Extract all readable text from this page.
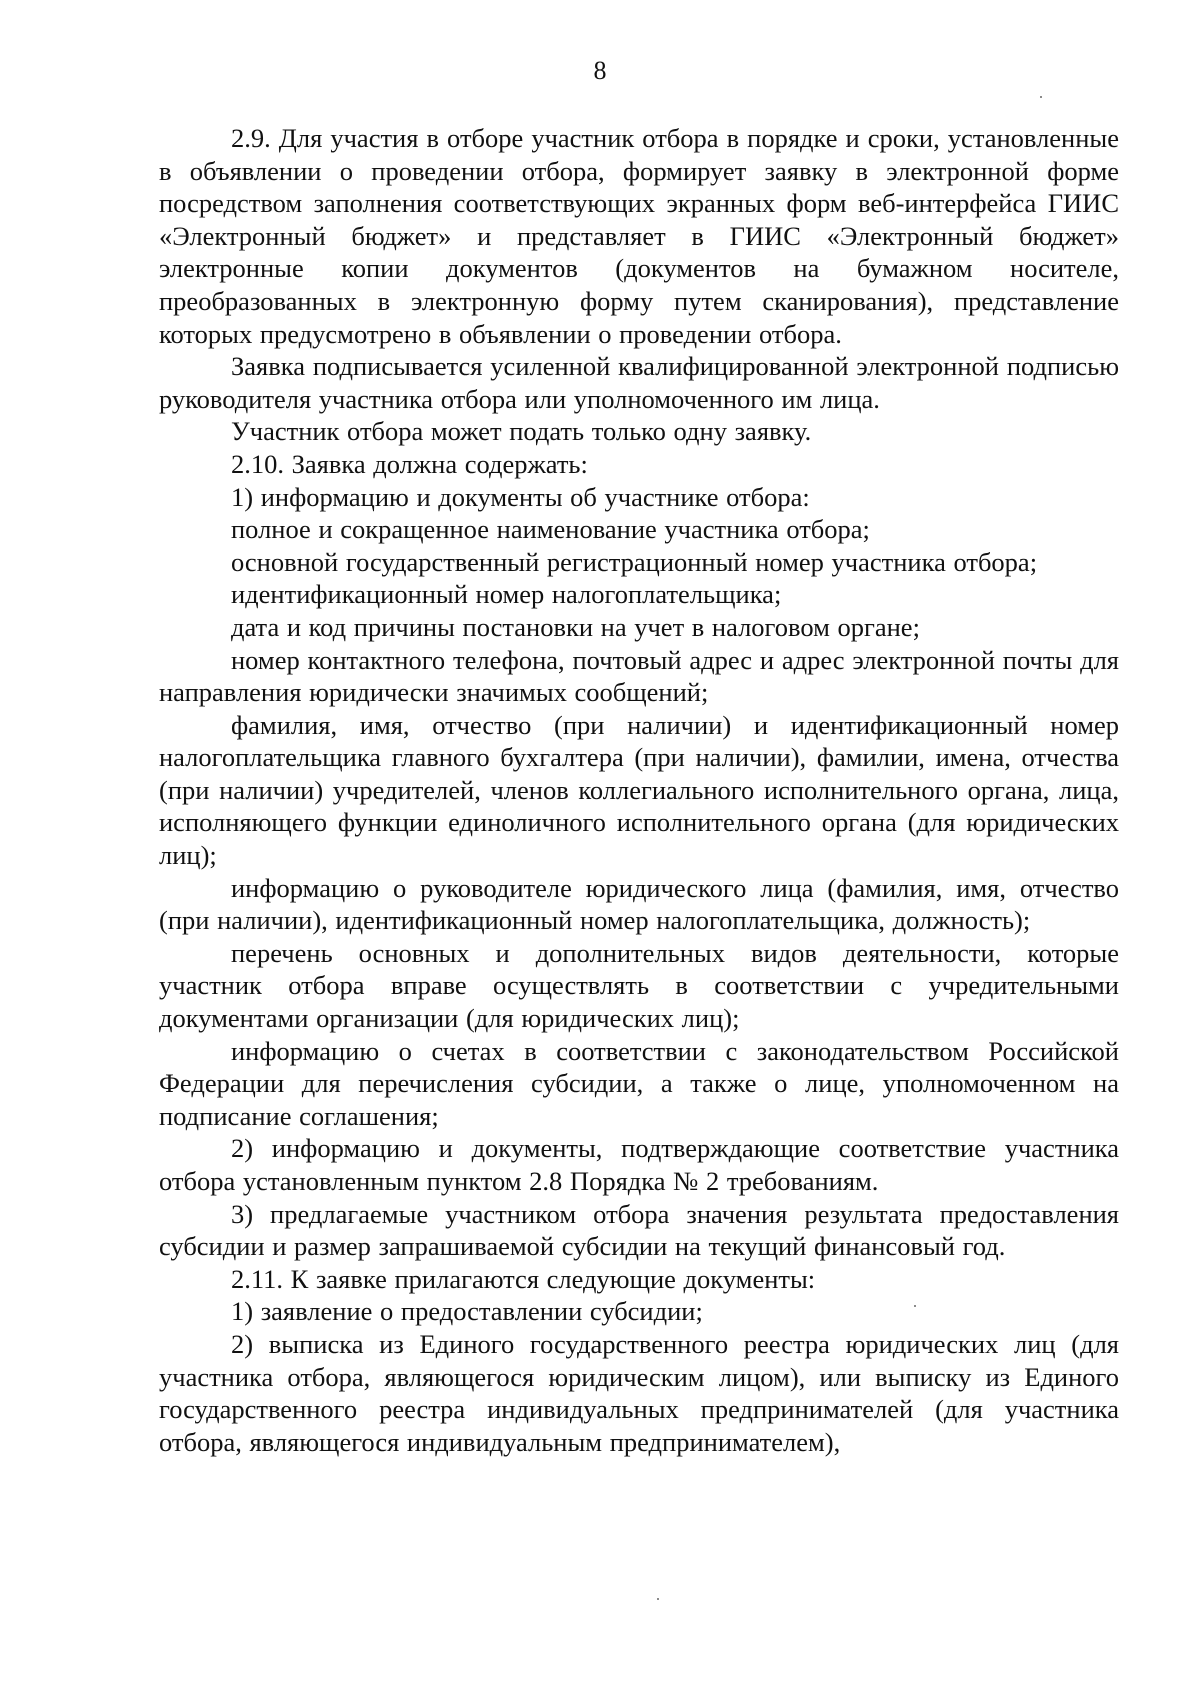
8

2.9. Для участия в отборе участник отбора в порядке и сроки, установленные в объявлении о проведении отбора, формирует заявку в электронной форме посредством заполнения соответствующих экранных форм веб-интерфейса ГИИС «Электронный бюджет» и представляет в ГИИС «Электронный бюджет» электронные копии документов (документов на бумажном носителе, преобразованных в электронную форму путем сканирования), представление которых предусмотрено в объявлении о проведении отбора.

Заявка подписывается усиленной квалифицированной электронной подписью руководителя участника отбора или уполномоченного им лица.

Участник отбора может подать только одну заявку.

2.10. Заявка должна содержать:

1) информацию и документы об участнике отбора:

полное и сокращенное наименование участника отбора;

основной государственный регистрационный номер участника отбора;

идентификационный номер налогоплательщика;

дата и код причины постановки на учет в налоговом органе;

номер контактного телефона, почтовый адрес и адрес электронной почты для направления юридически значимых сообщений;

фамилия, имя, отчество (при наличии) и идентификационный номер налогоплательщика главного бухгалтера (при наличии), фамилии, имена, отчества (при наличии) учредителей, членов коллегиального исполнительного органа, лица, исполняющего функции единоличного исполнительного органа (для юридических лиц);

информацию о руководителе юридического лица (фамилия, имя, отчество (при наличии), идентификационный номер налогоплательщика, должность);

перечень основных и дополнительных видов деятельности, которые участник отбора вправе осуществлять в соответствии с учредительными документами организации (для юридических лиц);

информацию о счетах в соответствии с законодательством Российской Федерации для перечисления субсидии, а также о лице, уполномоченном на подписание соглашения;

2) информацию и документы, подтверждающие соответствие участника отбора установленным пунктом 2.8 Порядка № 2 требованиям.

3) предлагаемые участником отбора значения результата предоставления субсидии и размер запрашиваемой субсидии на текущий финансовый год.

2.11. К заявке прилагаются следующие документы:

1) заявление о предоставлении субсидии;

2) выписка из Единого государственного реестра юридических лиц (для участника отбора, являющегося юридическим лицом), или выписку из Единого государственного реестра индивидуальных предпринимателей (для участника отбора, являющегося индивидуальным предпринимателем),
